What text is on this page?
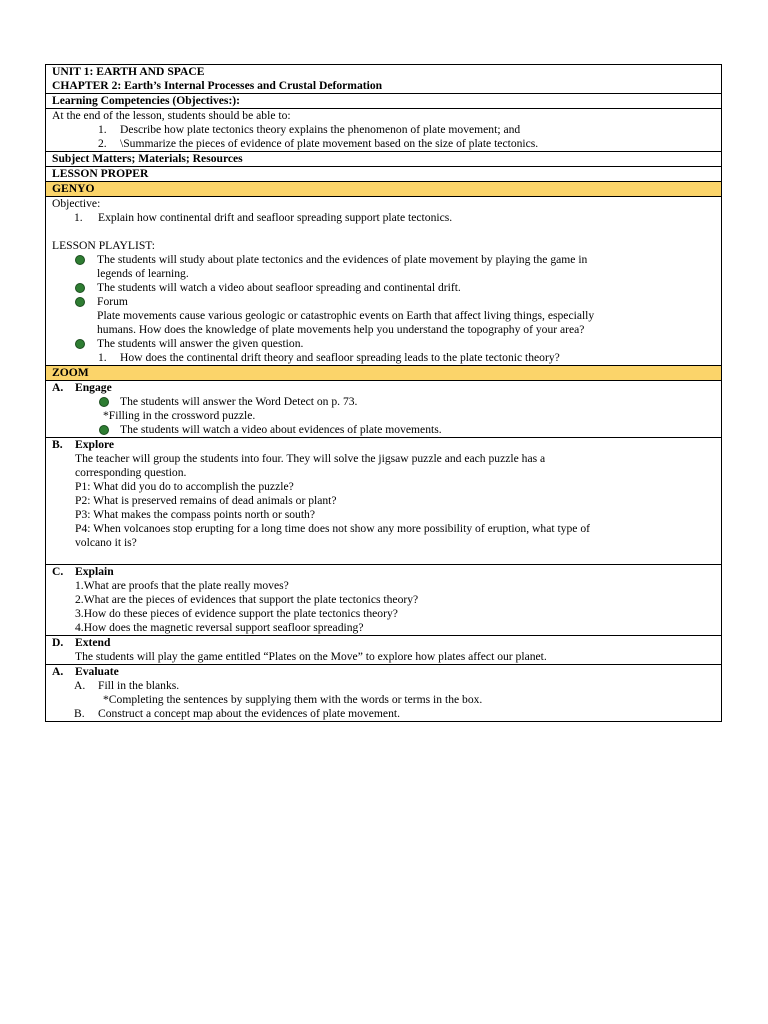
UNIT 1: EARTH AND SPACE
CHAPTER 2: Earth’s Internal Processes and Crustal Deformation

Learning Competencies (Objectives:):

At the end of the lesson, students should be able to:
1. Describe how plate tectonics theory explains the phenomenon of plate movement; and
2. \Summarize the pieces of evidence of plate movement based on the size of plate tectonics.

Subject Matters; Materials; Resources
LESSON PROPER
GENYO

Objective:
1. Explain how continental drift and seafloor spreading support plate tectonics.
LESSON PLAYLIST:
The students will study about plate tectonics and the evidences of plate movement by playing the game in
legends of learning.
The students will watch a video about seafloor spreading and continental drift.
Forum
Plate movements cause various geologic or catastrophic events on Earth that affect living things, especially
humans. How does the knowledge of plate movements help you understand the topography of your area?
The students will answer the given question.
1. How does the continental drift theory and seafloor spreading leads to the plate tectonic theory?

ZOOM

A. Engage
The students will answer the Word Detect on p. 73.
*Filling in the crossword puzzle.
The students will watch a video about evidences of plate movements.

B. Explore
The teacher will group the students into four. They will solve the jigsaw puzzle and each puzzle has a
corresponding question.
P1: What did you do to accomplish the puzzle?
P2: What is preserved remains of dead animals or plant?
P3: What makes the compass points north or south?
P4: When volcanoes stop erupting for a long time does not show any more possibility of eruption, what type of
volcano it is?

C. Explain
1.What are proofs that the plate really moves?
2.What are the pieces of evidences that support the plate tectonics theory?
3.How do these pieces of evidence support the plate tectonics theory?
4.How does the magnetic reversal support seafloor spreading?

D. Extend
The students will play the game entitled “Plates on the Move” to explore how plates affect our planet.

A. Evaluate
A. Fill in the blanks.
*Completing the sentences by supplying them with the words or terms in the box.
B. Construct a concept map about the evidences of plate movement.
